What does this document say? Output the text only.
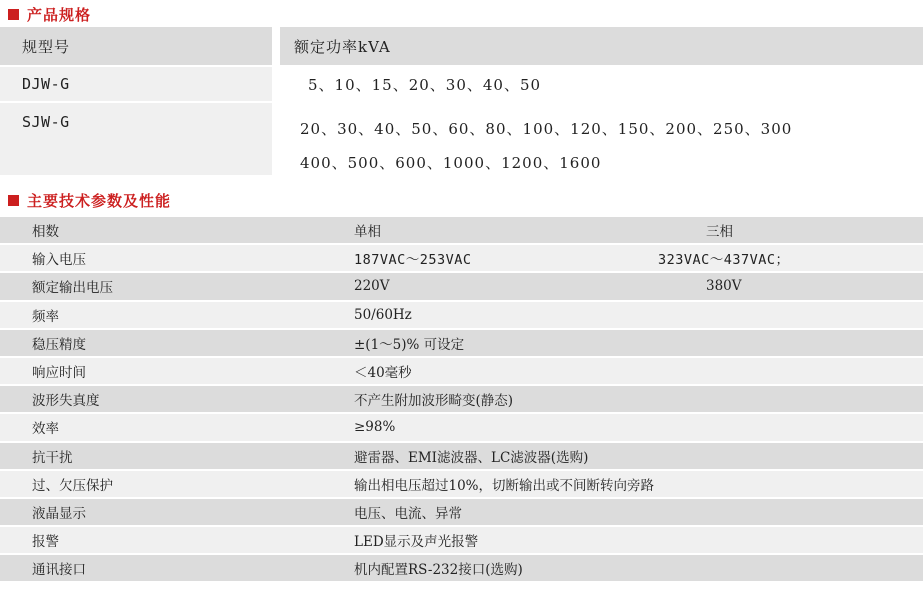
产品规格
规型号	额定功率kVA
DJW-G	5、10、15、20、30、40、50
SJW-G	20、30、40、50、60、80、100、120、150、200、250、300
400、500、600、1000、1200、1600
主要技术参数及性能
相数	单相	三相
输入电压	187VAC～253VAC	323VAC～437VAC；
额定输出电压	220V	380V
频率	50/60Hz
稳压精度	±(1～5)% 可设定
响应时间	＜40毫秒
波形失真度	不产生附加波形畸变(静态)
效率	≥98%
抗干扰	避雷器、EMI滤波器、LC滤波器(选购)
过、欠压保护	输出相电压超过10%，切断输出或不间断转向旁路
液晶显示	电压、电流、异常
报警	LED显示及声光报警
通讯接口	机内配置RS-232接口(选购)
